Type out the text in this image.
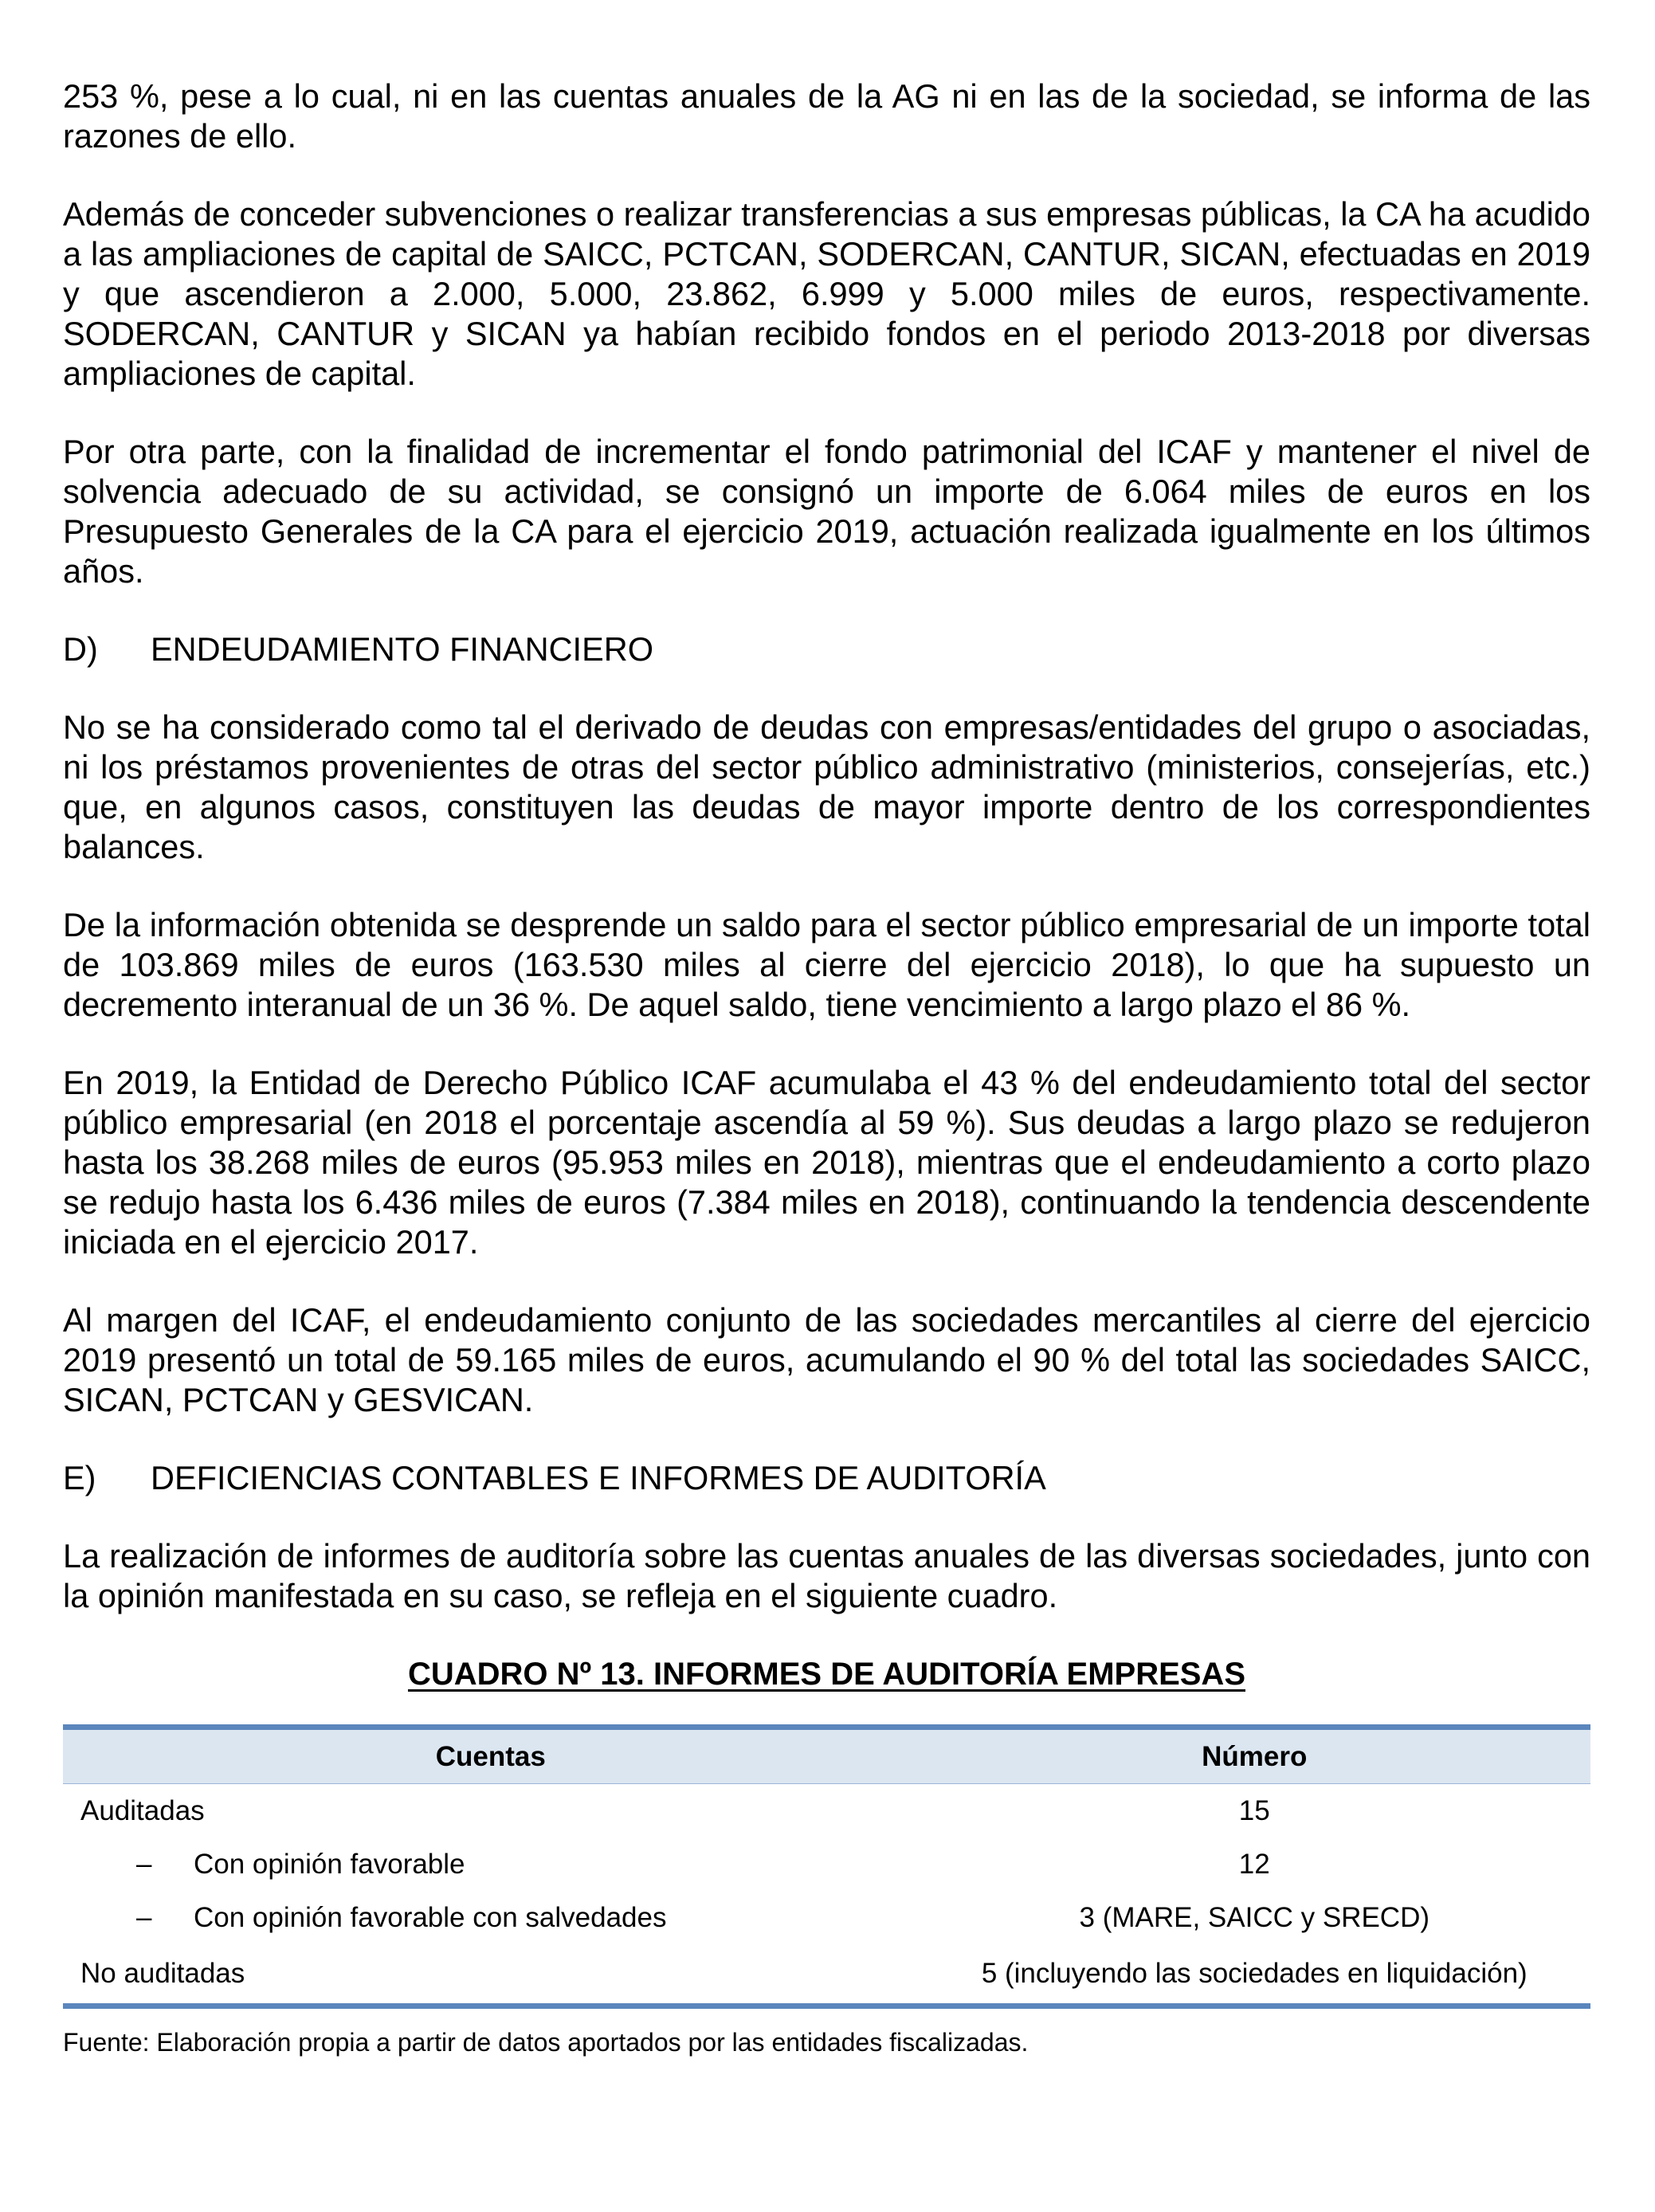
253 %, pese a lo cual, ni en las cuentas anuales de la AG ni en las de la sociedad, se informa de las razones de ello.

Además de conceder subvenciones o realizar transferencias a sus empresas públicas, la CA ha acudido a las ampliaciones de capital de SAICC, PCTCAN, SODERCAN, CANTUR, SICAN, efectuadas en 2019 y que ascendieron a 2.000, 5.000, 23.862, 6.999 y 5.000 miles de euros, respectivamente. SODERCAN, CANTUR y SICAN ya habían recibido fondos en el periodo 2013-2018 por diversas ampliaciones de capital.

Por otra parte, con la finalidad de incrementar el fondo patrimonial del ICAF y mantener el nivel de solvencia adecuado de su actividad, se consignó un importe de 6.064 miles de euros en los Presupuesto Generales de la CA para el ejercicio 2019, actuación realizada igualmente en los últimos años.

D)	ENDEUDAMIENTO FINANCIERO

No se ha considerado como tal el derivado de deudas con empresas/entidades del grupo o asociadas, ni los préstamos provenientes de otras del sector público administrativo (ministerios, consejerías, etc.) que, en algunos casos, constituyen las deudas de mayor importe dentro de los correspondientes balances.

De la información obtenida se desprende un saldo para el sector público empresarial de un importe total de 103.869 miles de euros (163.530 miles al cierre del ejercicio 2018), lo que ha supuesto un decremento interanual de un 36 %. De aquel saldo, tiene vencimiento a largo plazo el 86 %.

En 2019, la Entidad de Derecho Público ICAF acumulaba el 43 % del endeudamiento total del sector público empresarial (en 2018 el porcentaje ascendía al 59 %). Sus deudas a largo plazo se redujeron hasta los 38.268 miles de euros (95.953 miles en 2018), mientras que el endeudamiento a corto plazo se redujo hasta los 6.436 miles de euros (7.384 miles en 2018), continuando la tendencia descendente iniciada en el ejercicio 2017.

Al margen del ICAF, el endeudamiento conjunto de las sociedades mercantiles al cierre del ejercicio 2019 presentó un total de 59.165 miles de euros, acumulando el 90 % del total las sociedades SAICC, SICAN, PCTCAN y GESVICAN.

E)	DEFICIENCIAS CONTABLES E INFORMES DE AUDITORÍA

La realización de informes de auditoría sobre las cuentas anuales de las diversas sociedades, junto con la opinión manifestada en su caso, se refleja en el siguiente cuadro.

CUADRO Nº 13. INFORMES DE AUDITORÍA EMPRESAS
Cuentas	Número
Auditadas	15

– Con opinión favorable	12

– Con opinión favorable con salvedades	3 (MARE, SAICC y SRECD)
No auditadas	5 (incluyendo las sociedades en liquidación)
Fuente: Elaboración propia a partir de datos aportados por las entidades fiscalizadas.
